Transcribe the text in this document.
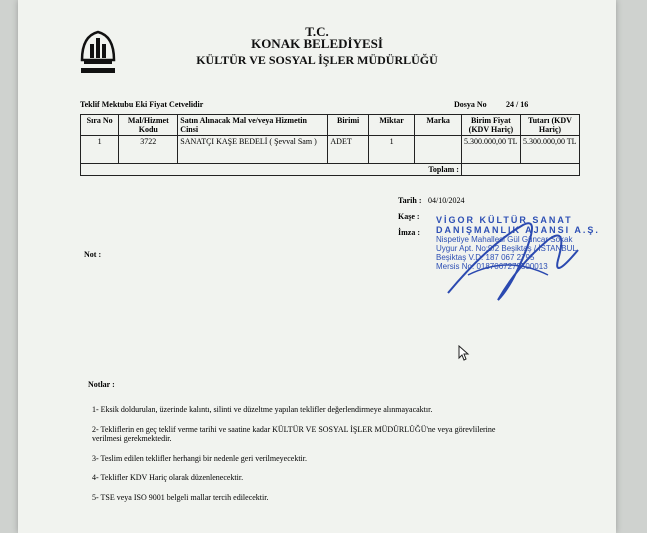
T.C.
KONAK BELEDİYESİ
KÜLTÜR VE SOSYAL İŞLER MÜDÜRLÜĞÜ
Teklif Mektubu Eki Fiyat Cetvelidir	Dosya No 24 / 16
Sıra No	Mal/Hizmet Kodu	Satın Alınacak Mal ve/veya Hizmetin Cinsi	Birimi	Miktar	Marka	Birim Fiyat (KDV Hariç)	Tutarı (KDV Hariç)
1	3722	SANATÇI KAŞE BEDELİ ( Şevval Sam )	ADET	1		5.300.000,00 TL	5.300.000,00 TL
Toplam :							
Tarih : 04/10/2024
Kaşe :
İmza :
Not :
VİGOR KÜLTÜR SANAT
DANIŞMANLIK AJANSI A.Ş.
Nispetiye Mahallesi Gül Güncar Sokak
Uygur Apt. No:9/2 Beşiktaş / İSTANBUL
Beşiktaş V.D. 187 067 2795
Mersis No: 0187067279500013
Notlar :
1- Eksik doldurulan, üzerinde kalıntı, silinti ve düzeltme yapılan teklifler değerlendirmeye alınmayacaktır.
2- Tekliflerin en geç teklif verme tarihi ve saatine kadar KÜLTÜR VE SOSYAL İŞLER MÜDÜRLÜĞÜ'ne veya görevlilerine verilmesi gerekmektedir.
3- Teslim edilen teklifler herhangi bir nedenle geri verilmeyecektir.
4- Teklifler KDV Hariç olarak düzenlenecektir.
5- TSE veya ISO 9001 belgeli mallar tercih edilecektir.
